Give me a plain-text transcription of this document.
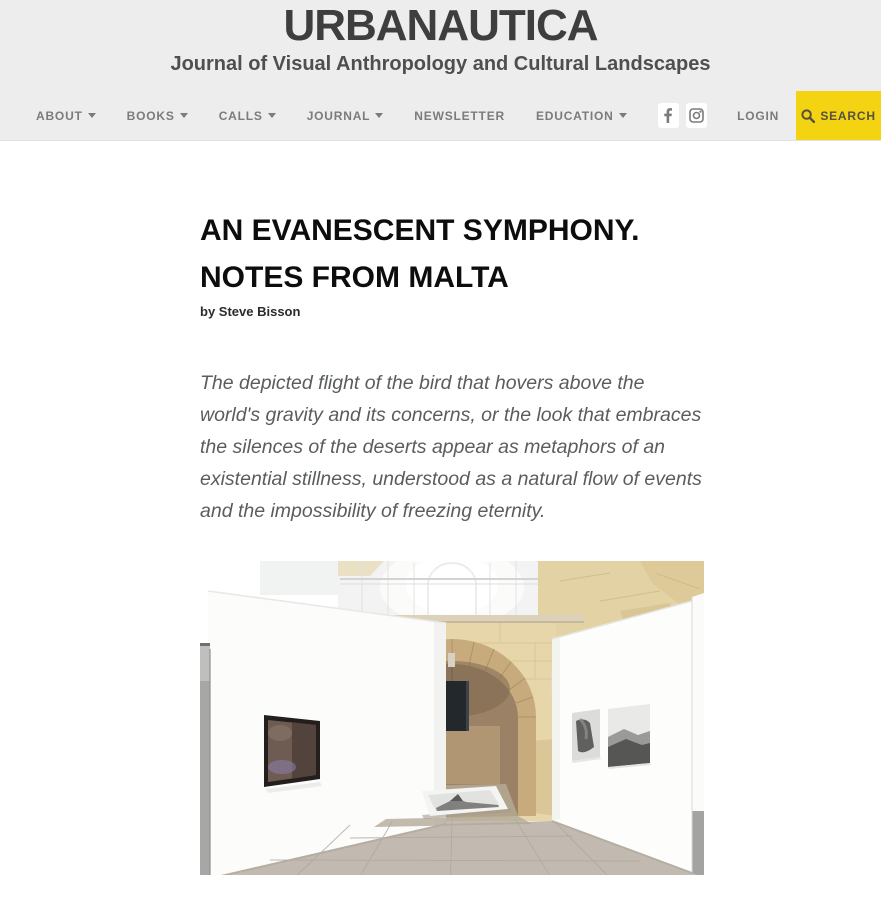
URBANAUTICA

Journal of Visual Anthropology and Cultural Landscapes

ABOUT	BOOKS	CALLS	JOURNAL	NEWSLETTER	EDUCATION	LOGIN	SEARCH
AN EVANESCENT SYMPHONY.
NOTES FROM MALTA

by Steve Bisson

The depicted flight of the bird that hovers above the world's gravity and its concerns, or the look that embraces the silences of the deserts appear as metaphors of an existential stillness, understood as a natural flow of events and the impossibility of freezing eternity.
